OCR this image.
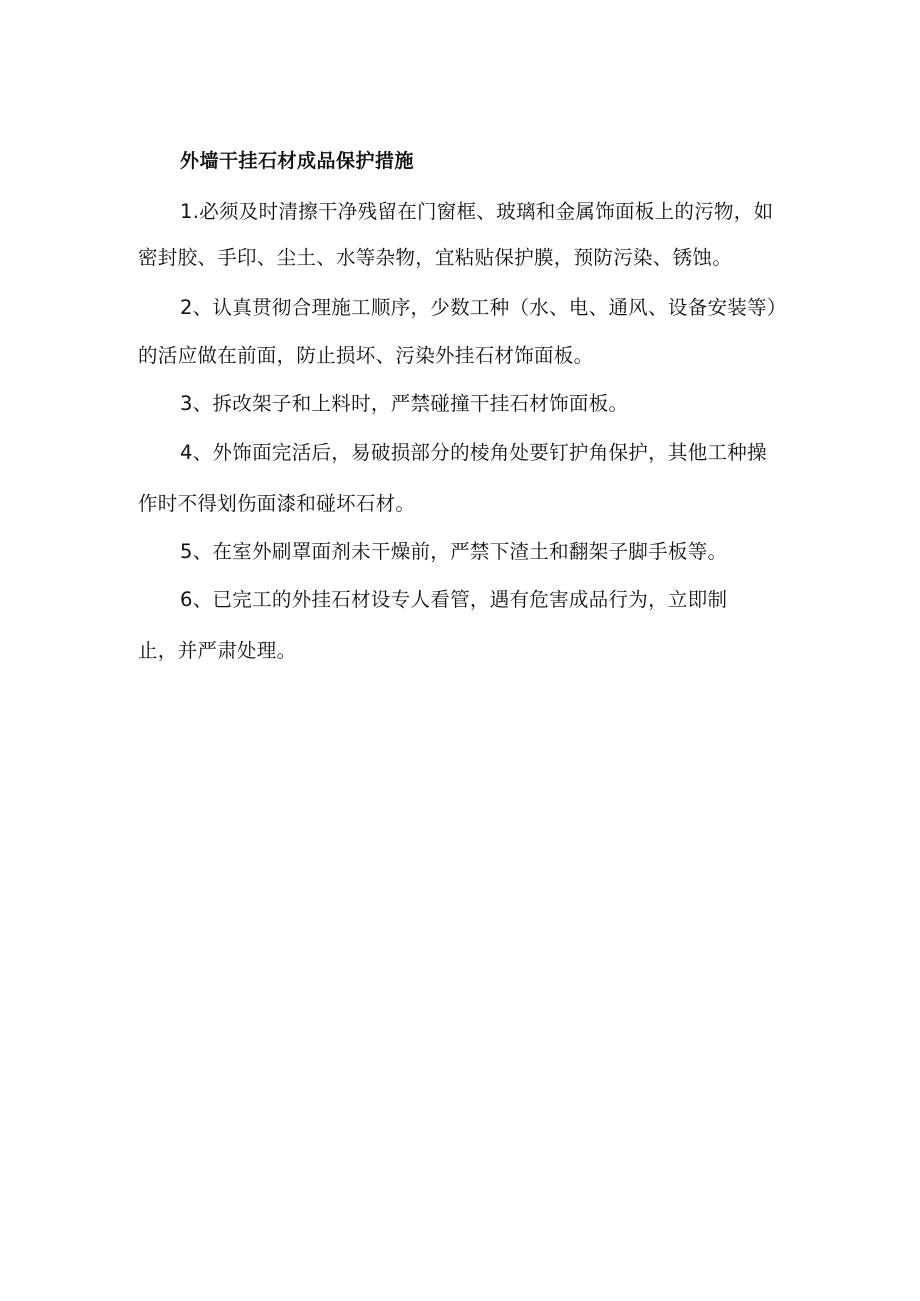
外墙干挂石材成品保护措施
1.必须及时清擦干净残留在门窗框、玻璃和金属饰面板上的污物，如
密封胶、手印、尘土、水等杂物，宜粘贴保护膜，预防污染、锈蚀。
2、认真贯彻合理施工顺序，少数工种（水、电、通风、设备安装等）
的活应做在前面，防止损坏、污染外挂石材饰面板。
3、拆改架子和上料时，严禁碰撞干挂石材饰面板。
4、外饰面完活后，易破损部分的棱角处要钉护角保护，其他工种操
作时不得划伤面漆和碰坏石材。
5、在室外刷罩面剂未干燥前，严禁下渣土和翻架子脚手板等。
6、已完工的外挂石材设专人看管，遇有危害成品行为，立即制
止，并严肃处理。
